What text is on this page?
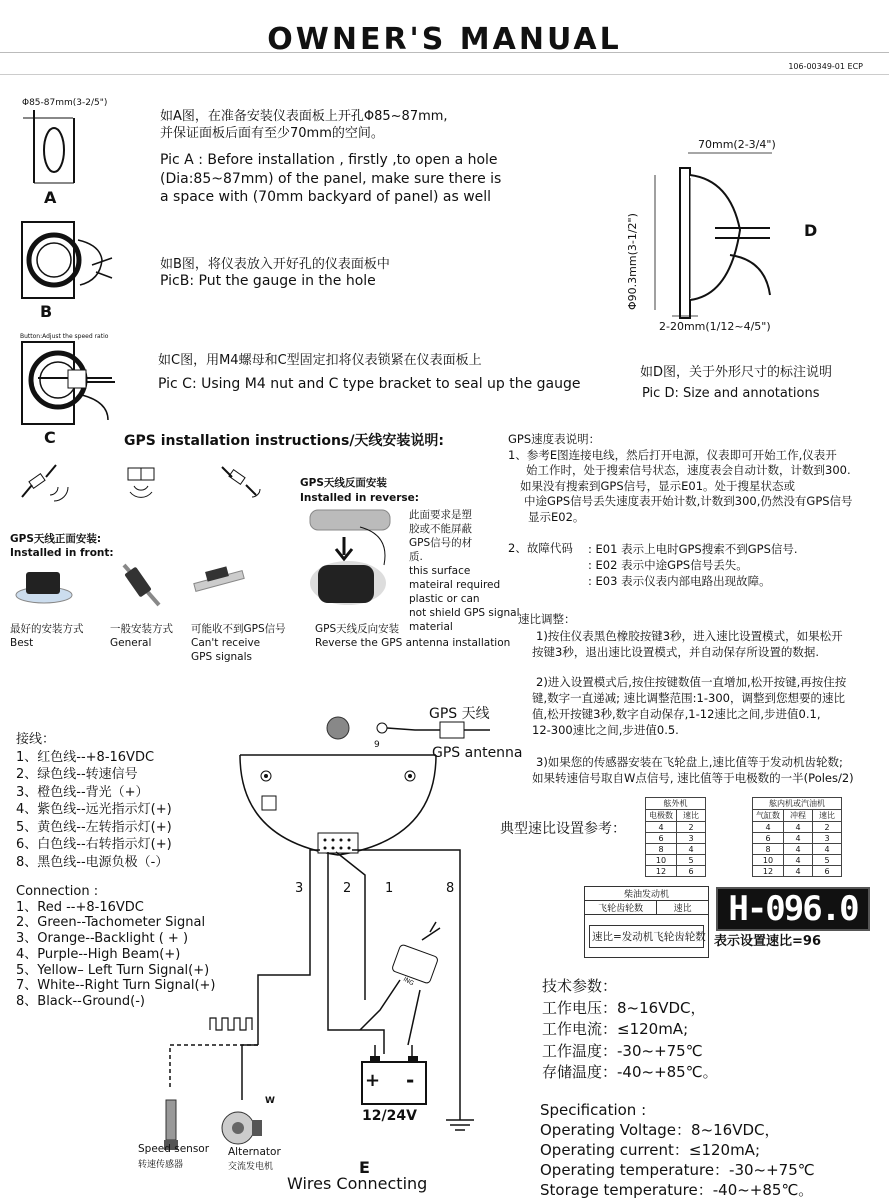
OWNER'S MANUAL
106-00349-01 ECP
Φ85-87mm(3-2/5")
A
如A图，在准备安装仪表面板上开孔Φ85~87mm,
并保证面板后面有至少70mm的空间。
Pic A : Before installation , firstly ,to open a hole
(Dia:85~87mm) of the panel, make sure there is
a space with (70mm backyard of panel) as well
B
如B图，将仪表放入开好孔的仪表面板中
PicB: Put the gauge in the hole
Button:Adjust the speed ratio
C
如C图，用M4螺母和C型固定扣将仪表锁紧在仪表面板上
Pic C: Using M4 nut and C type bracket to seal up the gauge
70mm(2-3/4")
Φ90.3mm(3-1/2")	D
2-20mm(1/12~4/5")
如D图，关于外形尺寸的标注说明
Pic D: Size and annotations
GPS installation instructions/天线安装说明:
GPS天线正面安装:
Installed in front:
最好的安装方式
Best
一般安装方式
General
可能收不到GPS信号
Can't receive
GPS signals
GPS天线反面安装
Installed in reverse:
此面要求是塑
胶或不能屏蔽
GPS信号的材
质.
this surface
mateiral required
plastic or can
not shield GPS signal
material
GPS天线反向安装
Reverse the GPS antenna installation
GPS速度表说明：
1、参考E图连接电线，然后打开电源，仪表即可开始工作,仪表开
始工作时，处于搜索信号状态，速度表会自动计数，计数到300.
如果没有搜索到GPS信号，显示E01。处于搜星状态或
中途GPS信号丢失速度表开始计数,计数到300,仍然没有GPS信号
显示E02。
2、故障代码 : E01 表示上电时GPS搜索不到GPS信号.
: E02 表示中途GPS信号丢失。
: E03 表示仪表内部电路出现故障。
速比调整：
1)按住仪表黑色橡胶按键3秒，进入速比设置模式，如果松开
按键3秒，退出速比设置模式，并自动保存所设置的数据.
2)进入设置模式后,按住按键数值一直增加,松开按键,再按住按
键,数字一直递减; 速比调整范围:1-300，调整到您想要的速比
值,松开按键3秒,数字自动保存,1-12速比之间,步进值0.1,
12-300速比之间,步进值0.5.
3)如果您的传感器安装在飞轮盘上,速比值等于发动机齿轮数;
如果转速信号取自W点信号, 速比值等于电极数的一半(Poles/2)
典型速比设置参考：
舷外机	
电极数	速比
4	2
6	3
8	4
10	5
12	6
舷内机或汽油机		
气缸数	冲程	速比
4	4	2
6	4	3
8	4	4
10	4	5
12	4	6
柴油发动机
飞轮齿轮数	速比
速比=发动机飞轮齿轮数
H-096.0
表示设置速比=96
接线：
1、红色线--+8-16VDC
2、绿色线--转速信号
3、橙色线--背光（+）
4、紫色线--远光指示灯(+)
5、黄色线--左转指示灯(+)
6、白色线--右转指示灯(+)
8、黑色线--电源负极（-）
Connection :
1、Red --+8-16VDC
2、Green--Tachometer Signal
3、Orange--Backlight ( + )
4、Purple--High Beam(+)
5、Yellow– Left Turn Signal(+)
7、White--Right Turn Signal(+)
8、Black--Ground(-)
GPS 天线
9	GPS antenna
3	2	1	8
ING
+ -
12/24V
W
Speed sensor
转速传感器
Alternator
交流发电机	E
Wires Connecting
技术参数：
工作电压：8~16VDC，
工作电流：≤120mA;
工作温度：-30~+75℃
存储温度：-40~+85℃。
Specification :
Operating Voltage：8~16VDC，
Operating current：≤120mA;
Operating temperature：-30~+75℃
Storage temperature：-40~+85℃。
